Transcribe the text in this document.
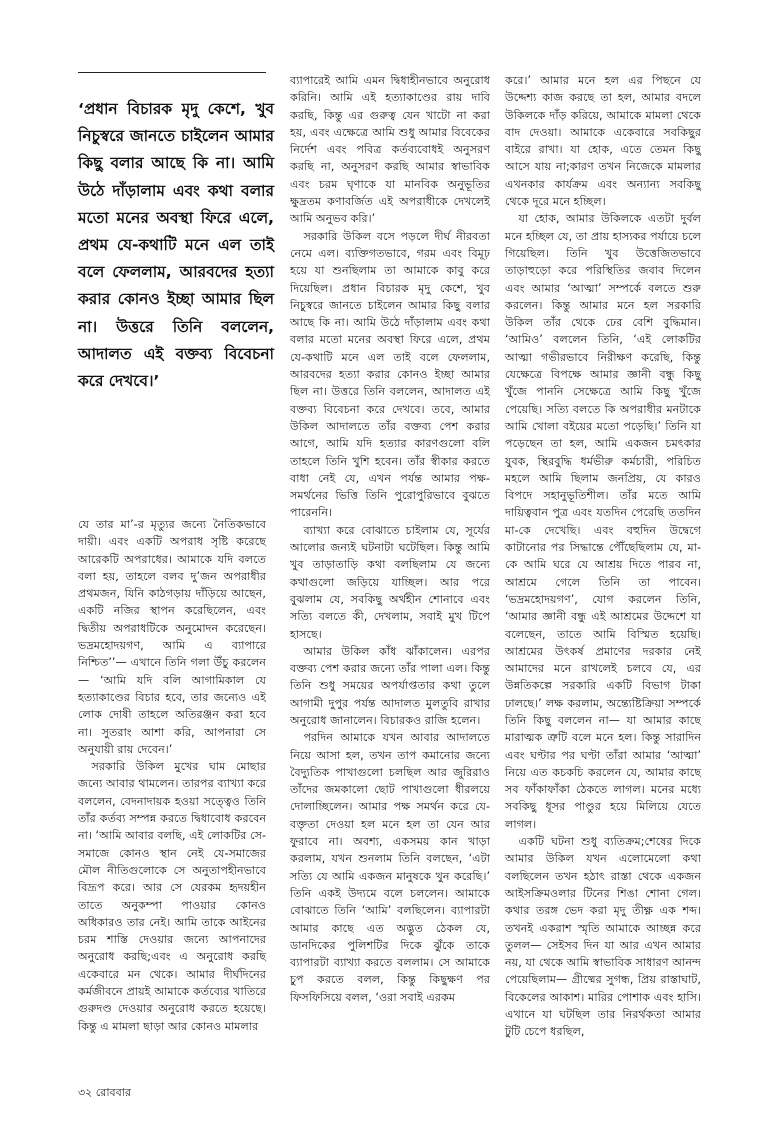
‘প্রধান বিচারক মৃদু কেশে, খুব নিচুস্বরে জানতে চাইলেন আমার কিছু বলার আছে কি না। আমি উঠে দাঁড়ালাম এবং কথা বলার মতো মনের অবস্থা ফিরে এলে, প্রথম যে-কথাটি মনে এল তাই বলে ফেললাম, আরবদের হত্যা করার কোনও ইচ্ছা আমার ছিল না। উত্তরে তিনি বললেন, আদালত এই বক্তব্য বিবেচনা করে দেখবে।’

যে তার মা’-র মৃত্যুর জন্যে নৈতিকভাবে দায়ী। এবং একটি অপরাধ সৃষ্টি করেছে আরেকটি অপরাধের। আমাকে যদি বলতে বলা হয়, তাহলে বলব দু’জন অপরাধীর প্রথমজন, যিনি কাঠগড়ায় দাঁড়িয়ে আছেন, একটি নজির স্থাপন করেছিলেন, এবং দ্বিতীয় অপরাধটিকে অনুমোদন করেছেন। ভদ্রমহোদয়গণ, আমি এ ব্যাপারে নিশ্চিত’’— এখানে তিনি গলা উঁচু করলেন— ‘আমি যদি বলি আগামিকাল যে হত্যাকাণ্ডের বিচার হবে, তার জন্যেও এই লোক দোষী তাহলে অতিরঞ্জন করা হবে না। সুতরাং আশা করি, আপনারা সে অনুযায়ী রায় দেবেন।’

সরকারি উকিল মুখের ঘাম মোছার জন্যে আবার থামলেন। তারপর ব্যাখ্যা করে বললেন, বেদনাদায়ক হওয়া সত্ত্বেও তিনি তাঁর কর্তব্য সম্পন্ন করতে দ্বিধাবোধ করবেন না। ‘আমি আবার বলছি, এই লোকটির সে-সমাজে কোনও স্থান নেই যে-সমাজের মৌল নীতিগুলোকে সে অনুতাপহীনভাবে বিদ্রূপ করে। আর সে যেরকম হৃদয়হীন তাতে অনুকম্পা পাওয়ার কোনও অধিকারও তার নেই। আমি তাকে আইনের চরম শাস্তি দেওয়ার জন্যে আপনাদের অনুরোধ করছি;এবং এ অনুরোধ করছি একেবারে মন থেকে। আমার দীর্ঘদিনের কর্মজীবনে প্রায়ই আমাকে কর্তব্যের খাতিরে গুরুদণ্ড দেওয়ার অনুরোধ করতে হয়েছে। কিন্তু এ মামলা ছাড়া আর কোনও মামলার

ব্যাপারেই আমি এমন দ্বিধাহীনভাবে অনুরোধ করিনি। আমি এই হত্যাকাণ্ডের রায় দাবি করছি, কিন্তু এর গুরুত্ব যেন খাটো না করা হয়, এবং এক্ষেত্রে আমি শুধু আমার বিবেকের নির্দেশ এবং পবিত্র কর্তব্যবোধই অনুসরণ করছি না, অনুসরণ করছি আমার স্বাভাবিক এবং চরম ঘৃণাকে যা মানবিক অনুভূতির ক্ষুদ্রতম কণাবর্জিত এই অপরাধীকে দেখলেই আমি অনুভব করি।’

সরকারি উকিল বসে পড়লে দীর্ঘ নীরবতা নেমে এল। ব্যক্তিগতভাবে, গরম এবং বিমূঢ় হয়ে যা শুনছিলাম তা আমাকে কাবু করে দিয়েছিল। প্রধান বিচারক মৃদু কেশে, খুব নিচুস্বরে জানতে চাইলেন আমার কিছু বলার আছে কি না। আমি উঠে দাঁড়ালাম এবং কথা বলার মতো মনের অবস্থা ফিরে এলে, প্রথম যে-কথাটি মনে এল তাই বলে ফেললাম, আরবদের হত্যা করার কোনও ইচ্ছা আমার ছিল না। উত্তরে তিনি বললেন, আদালত এই বক্তব্য বিবেচনা করে দেখবে। তবে, আমার উকিল আদালতে তাঁর বক্তব্য পেশ করার আগে, আমি যদি হত্যার কারণগুলো বলি তাহলে তিনি খুশি হবেন। তাঁর স্বীকার করতে বাধা নেই যে, এখন পর্যন্ত আমার পক্ষ-সমর্থনের ভিত্তি তিনি পুরোপুরিভাবে বুঝতে পারেননি।

ব্যাখ্যা করে বোঝাতে চাইলাম যে, সূর্যের আলোর জন্যই ঘটনাটা ঘটেছিল। কিন্তু আমি খুব তাড়াতাড়ি কথা বলছিলাম যে জন্যে কথাগুলো জড়িয়ে যাচ্ছিল। আর পরে বুঝলাম যে, সবকিছু অর্থহীন শোনাবে এবং সত্যি বলতে কী, দেখলাম, সবাই মুখ টিপে হাসছে।

আমার উকিল কাঁধ ঝাঁকালেন। এরপর বক্তব্য পেশ করার জন্যে তাঁর পালা এল। কিন্তু তিনি শুধু সময়ের অপর্যাপ্ততার কথা তুলে আগামী দুপুর পর্যন্ত আদালত মুলতুবি রাখার অনুরোধ জানালেন। বিচারকও রাজি হলেন।

পরদিন আমাকে যখন আবার আদালতে নিয়ে আসা হল, তখন তাপ কমানোর জন্যে বৈদ্যুতিক পাখাগুলো চলছিল আর জুরিরাও তাঁদের জমকালো ছোট পাখাগুলো ধীরলয়ে দোলাচ্ছিলেন। আমার পক্ষ সমর্থন করে যে-বক্তৃতা দেওয়া হল মনে হল তা যেন আর ফুরাবে না। অবশ্য, একসময় কান খাড়া করলাম, যখন শুনলাম তিনি বলছেন, ‘এটা সত্যি যে আমি একজন মানুষকে খুন করেছি।’ তিনি একই উদ্যমে বলে চললেন। আমাকে বোঝাতে তিনি ‘আমি’ বলছিলেন। ব্যাপারটা আমার কাছে এত অদ্ভুত ঠেকল যে, ডানদিকের পুলিশটির দিকে ঝুঁকে তাকে ব্যাপারটা ব্যাখ্যা করতে বললাম। সে আমাকে চুপ করতে বলল, কিন্তু কিছুক্ষণ পর ফিসফিসিয়ে বলল, ‘ওরা সবাই এরকম

করে।’ আমার মনে হল এর পিছনে যে উদ্দেশ্য কাজ করছে তা হল, আমার বদলে উকিলকে দাঁড় করিয়ে, আমাকে মামলা থেকে বাদ দেওয়া। আমাকে একেবারে সবকিছুর বাইরে রাখা। যা হোক, এতে তেমন কিছু আসে যায় না;কারণ তখন নিজেকে মামলার এখনকার কার্যক্রম এবং অন্যান্য সবকিছু থেকে দূরে মনে হচ্ছিল।

যা হোক, আমার উকিলকে এতটা দুর্বল মনে হচ্ছিল যে, তা প্রায় হাস্যকর পর্যায়ে চলে গিয়েছিল। তিনি খুব উত্তেজিতভাবে তাড়াহুড়ো করে পরিস্থিতির জবাব দিলেন এবং আমার ‘আত্মা’ সম্পর্কে বলতে শুরু করলেন। কিন্তু আমার মনে হল সরকারি উকিল তাঁর থেকে ঢের বেশি বুদ্ধিমান। ‘আমিও’ বললেন তিনি, ‘এই লোকটির আত্মা গভীরভাবে নিরীক্ষণ করেছি, কিন্তু যেক্ষেত্রে বিপক্ষে আমার জ্ঞানী বন্ধু কিছু খুঁজে পাননি সেক্ষেত্রে আমি কিছু খুঁজে পেয়েছি। সত্যি বলতে কি অপরাধীর মনটাকে আমি খোলা বইয়ের মতো পড়েছি।’ তিনি যা পড়েছেন তা হল, আমি একজন চমৎকার যুবক, স্থিরবুদ্ধি ধর্মভীরু কর্মচারী, পরিচিত মহলে আমি ছিলাম জনপ্রিয়, যে কারও বিপদে সহানুভূতিশীল। তাঁর মতে আমি দায়িত্ববান পুত্র এবং যতদিন পেরেছি ততদিন মা-কে দেখেছি। এবং বহুদিন উদ্বেগে কাটানোর পর সিদ্ধান্তে পৌঁছেছিলাম যে, মা-কে আমি ঘরে যে আশ্রয় দিতে পারব না, আশ্রমে গেলে তিনি তা পাবেন। ‘ভদ্রমহোদয়গণ’, যোগ করলেন তিনি, ‘আমার জ্ঞানী বন্ধু এই আশ্রমের উদ্দেশে যা বলেছেন, তাতে আমি বিস্মিত হয়েছি। আশ্রমের উৎকর্ষ প্রমাণের দরকার নেই আমাদের মনে রাখলেই চলবে যে, এর উন্নতিকল্পে সরকারি একটি বিভাগ টাকা ঢালছে।’ লক্ষ করলাম, অন্ত্যেষ্টিক্রিয়া সম্পর্কে তিনি কিছু বললেন না— যা আমার কাছে মারাত্মক ত্রুটি বলে মনে হল। কিন্তু সারাদিন এবং ঘণ্টার পর ঘণ্টা তাঁরা আমার ‘আত্মা’ নিয়ে এত কচকচি করলেন যে, আমার কাছে সব ফাঁকাফাঁকা ঠেকতে লাগল। মনের মধ্যে সবকিছু ধূসর পাণ্ডুর হয়ে মিলিয়ে যেতে লাগল।

একটি ঘটনা শুধু ব্যতিক্রম;শেষের দিকে আমার উকিল যখন এলোমেলো কথা বলছিলেন তখন হঠাৎ রাস্তা থেকে একজন আইসক্রিমওলার টিনের শিঙা শোনা গেল। কথার তরঙ্গ ভেদ করা মৃদু তীক্ষ্ণ এক শব্দ। তখনই একরাশ স্মৃতি আমাকে আচ্ছন্ন করে তুলল— সেইসব দিন যা আর এখন আমার নয়, যা থেকে আমি স্বাভাবিক সাধারণ আনন্দ পেয়েছিলাম— গ্রীষ্মের সুগন্ধ, প্রিয় রাস্তাঘাট, বিকেলের আকাশ। মারির পোশাক এবং হাসি। এখানে যা ঘটছিল তার নিরর্থকতা আমার টুটি চেপে ধরছিল,

৩২ রোববার
